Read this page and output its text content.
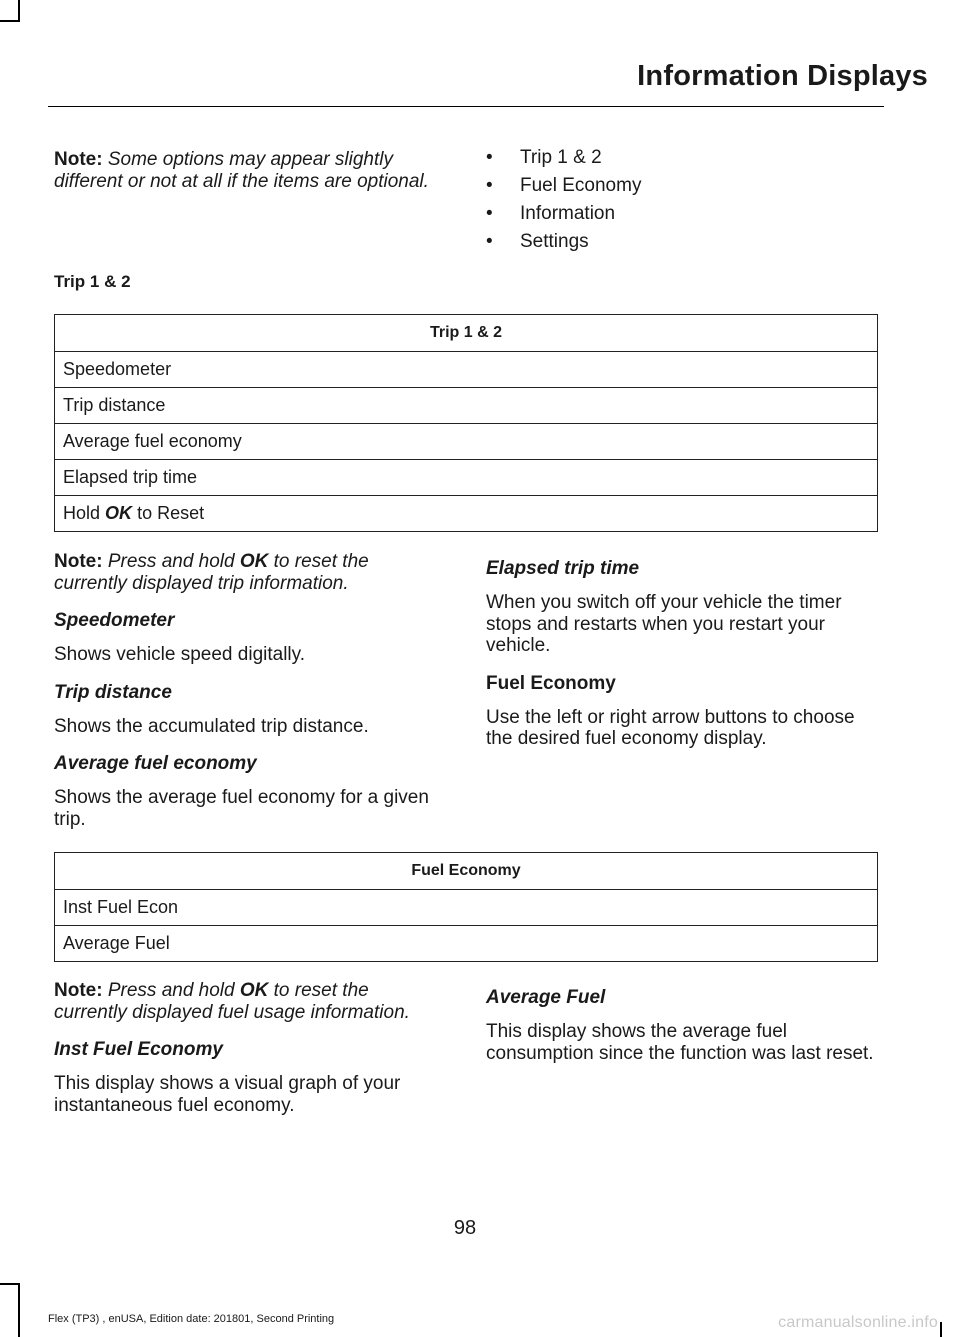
Information Displays

Note: Some options may appear slightly different or not at all if the items are optional.

• Trip 1 & 2
• Fuel Economy
• Information
• Settings
Trip 1 & 2
Trip 1 & 2
Speedometer
Trip distance
Average fuel economy
Elapsed trip time
Hold OK to Reset

Note: Press and hold OK to reset the currently displayed trip information.

Speedometer

Shows vehicle speed digitally.

Trip distance

Shows the accumulated trip distance.

Average fuel economy

Shows the average fuel economy for a given trip.

Elapsed trip time

When you switch off your vehicle the timer stops and restarts when you restart your vehicle.

Fuel Economy

Use the left or right arrow buttons to choose the desired fuel economy display.

Fuel Economy
Inst Fuel Econ
Average Fuel

Note: Press and hold OK to reset the currently displayed fuel usage information.

Inst Fuel Economy

This display shows a visual graph of your instantaneous fuel economy.

Average Fuel

This display shows the average fuel consumption since the function was last reset.

98
Flex (TP3) , enUSA, Edition date: 201801, Second Printing	carmanualsonline.info
